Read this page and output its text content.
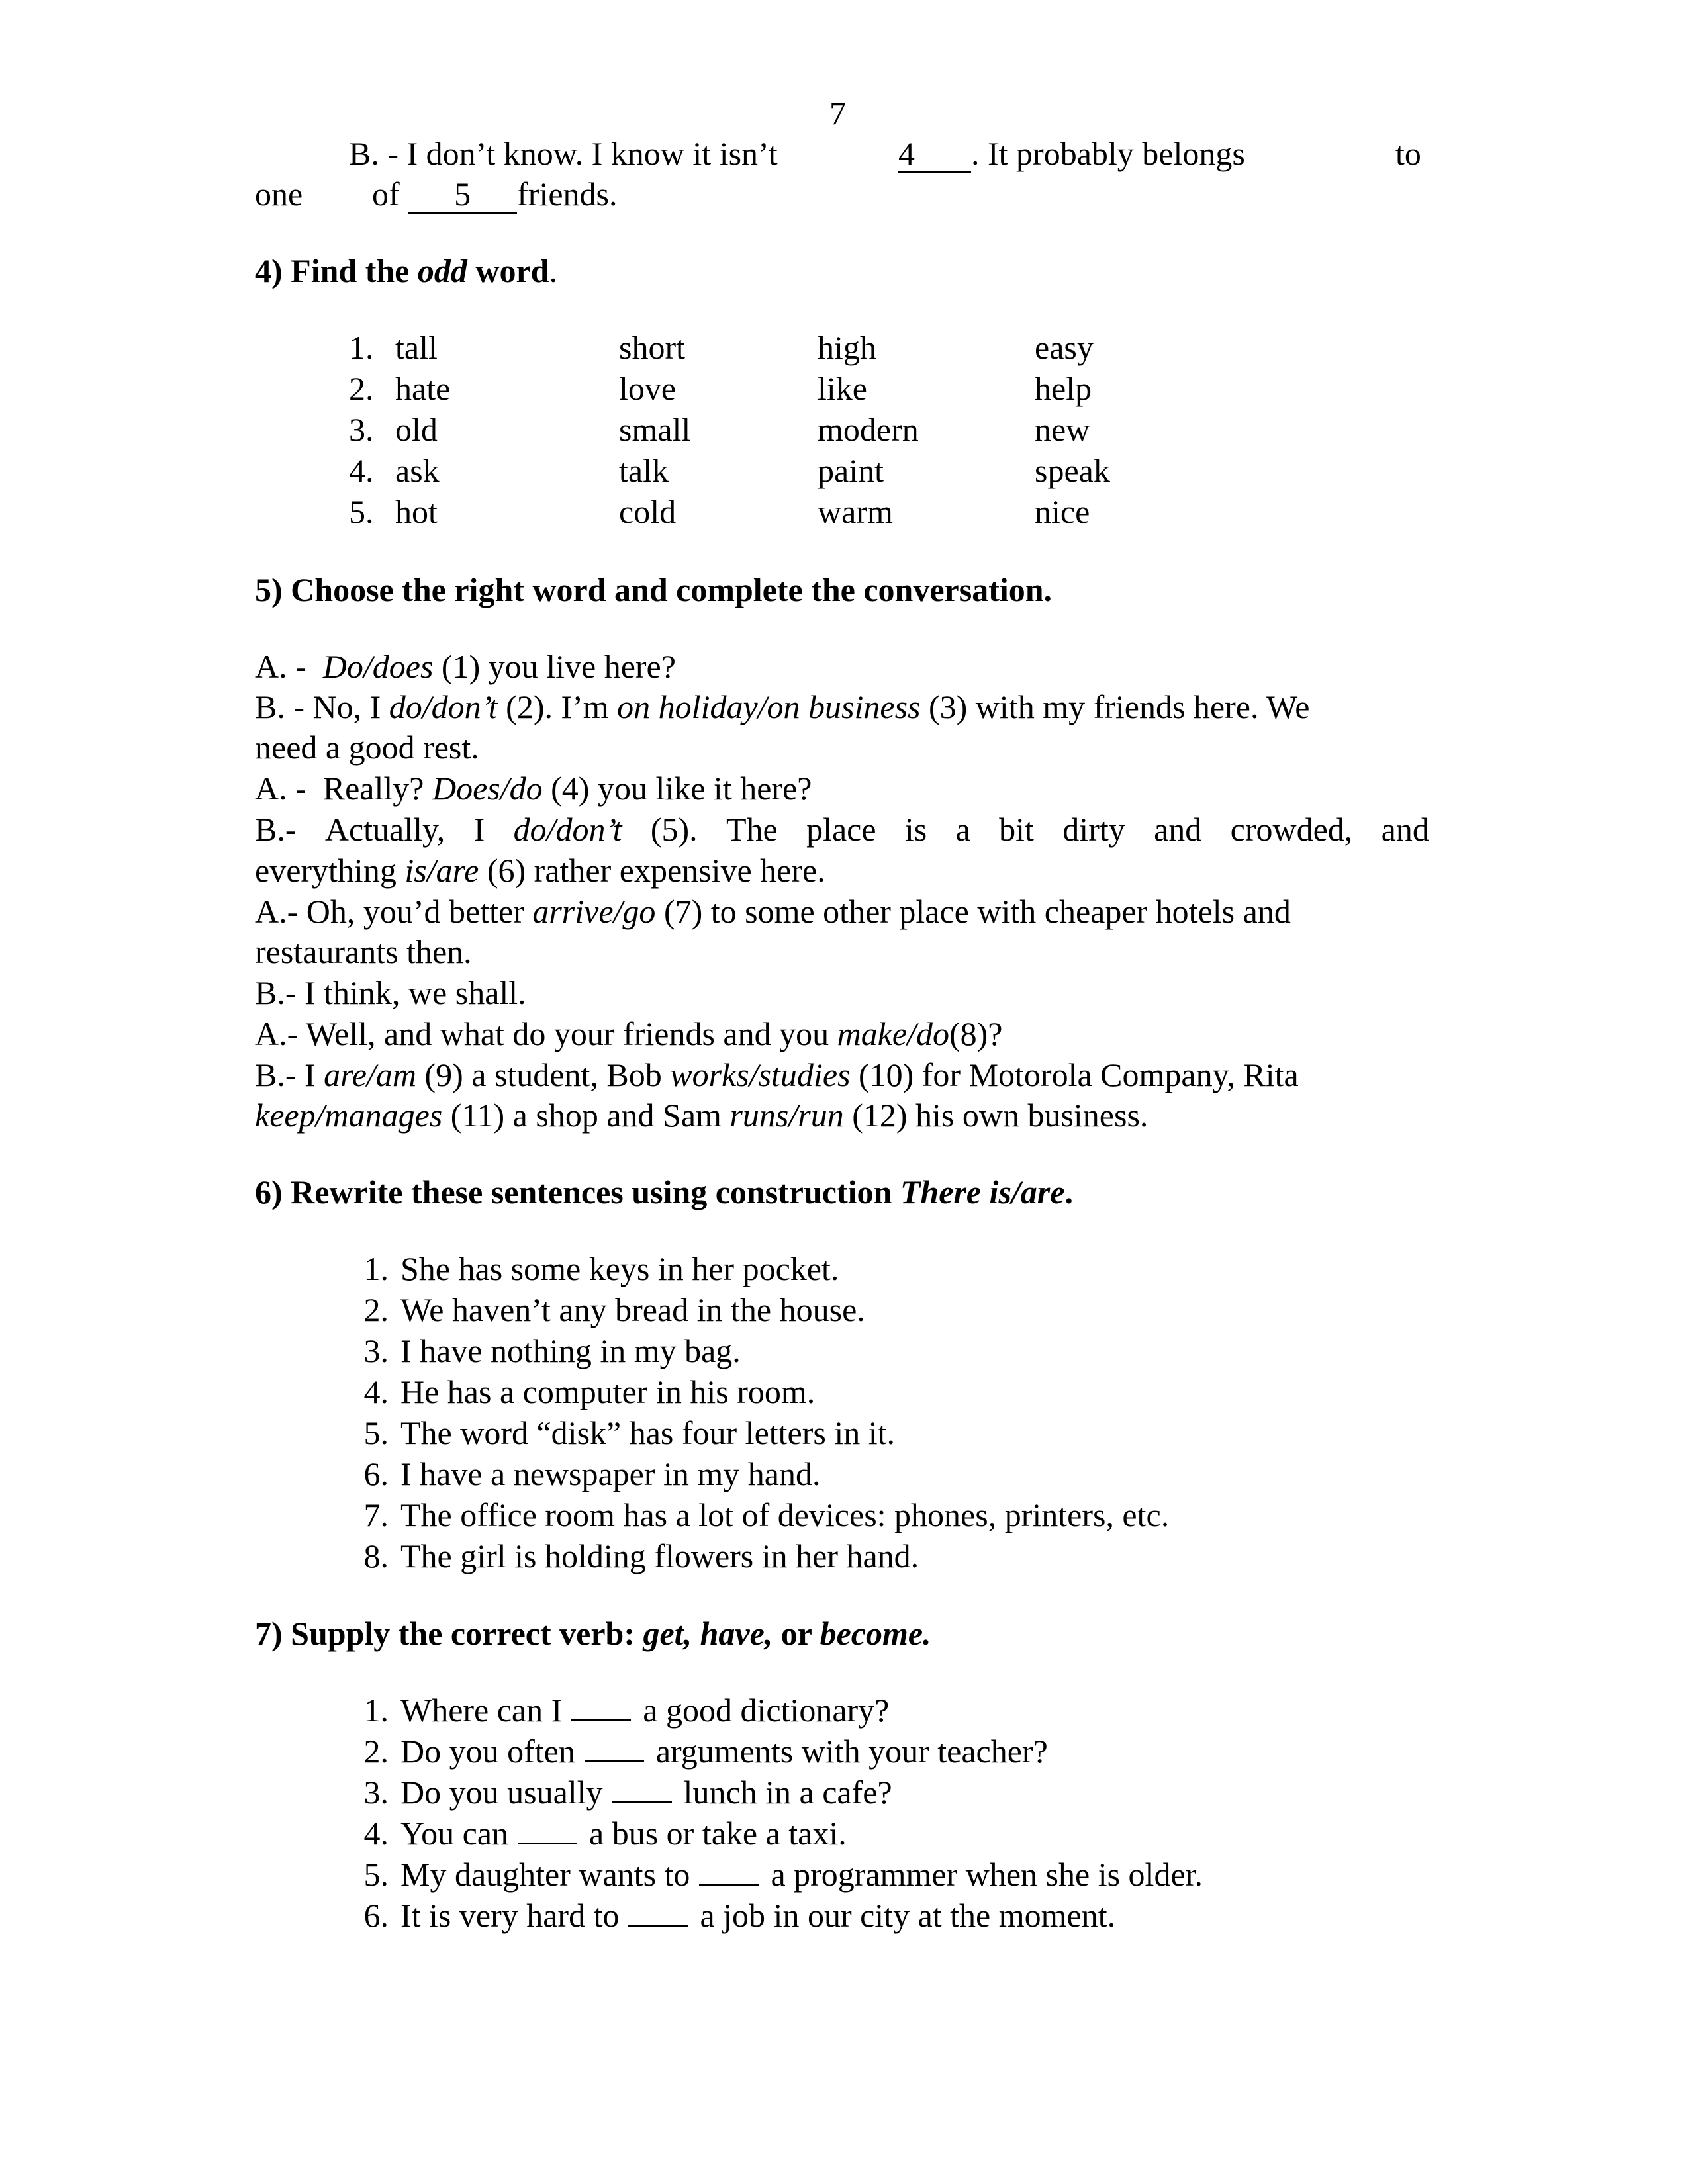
7
B. - I don’t know. I know it isn’t	4 . It probably belongs	to
one of 5 friends.
4) Find the odd word.
1. tall	short	high	easy
2. hate	love	like	help
3. old	small	modern	new
4. ask	talk	paint	speak
5. hot	cold	warm	nice
5) Choose the right word and complete the conversation.
A. - Do/does (1) you live here?
B. - No, I do/don’t (2). I’m on holiday/on business (3) with my friends here. We
need a good rest.
A. - Really? Does/do (4) you like it here?
B.- Actually, I do/don’t (5). The place is a bit dirty and crowded, and
everything is/are (6) rather expensive here.
A.- Oh, you’d better arrive/go (7) to some other place with cheaper hotels and
restaurants then.
B.- I think, we shall.
A.- Well, and what do your friends and you make/do(8)?
B.- I are/am (9) a student, Bob works/studies (10) for Motorola Company, Rita
keep/manages (11) a shop and Sam runs/run (12) his own business.
6) Rewrite these sentences using construction There is/are.
1. She has some keys in her pocket.
2. We haven’t any bread in the house.
3. I have nothing in my bag.
4. He has a computer in his room.
5. The word “disk” has four letters in it.
6. I have a newspaper in my hand.
7. The office room has a lot of devices: phones, printers, etc.
8. The girl is holding flowers in her hand.
7) Supply the correct verb: get, have, or become.
1. Where can I a good dictionary?
2. Do you often arguments with your teacher?
3. Do you usually lunch in a cafe?
4. You can a bus or take a taxi.
5. My daughter wants to a programmer when she is older.
6. It is very hard to a job in our city at the moment.
